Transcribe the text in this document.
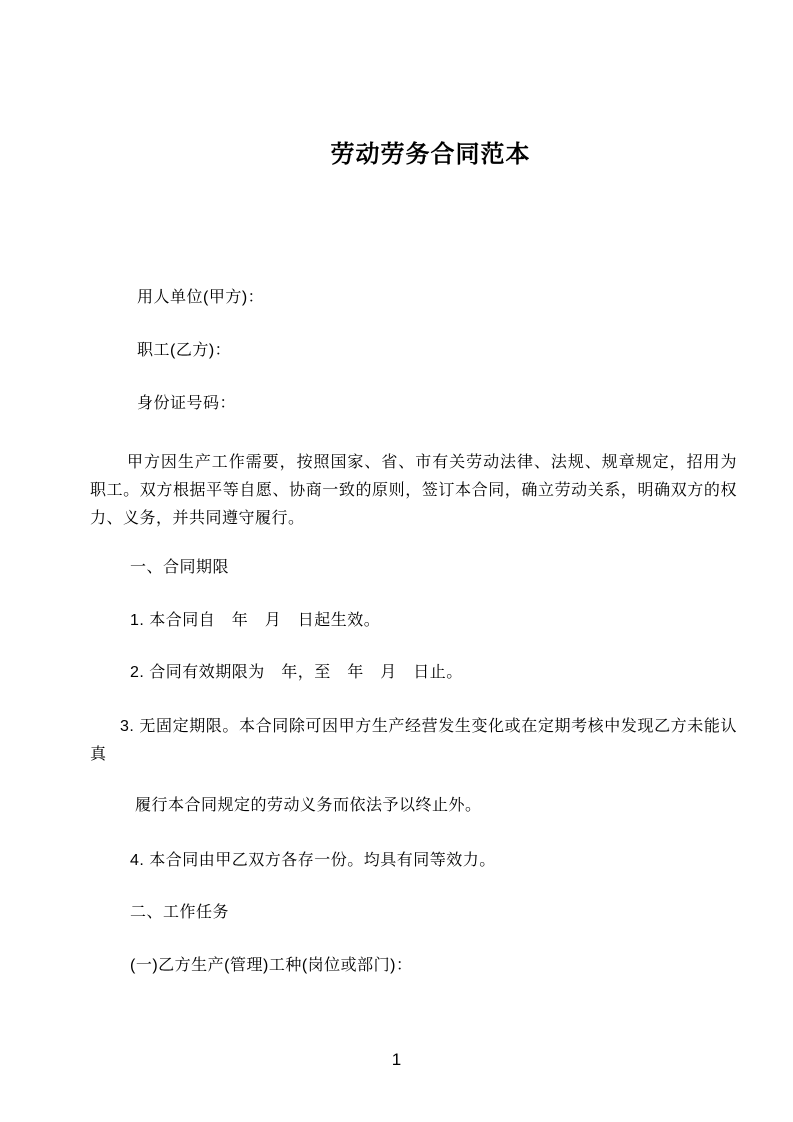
劳动劳务合同范本

用人单位(甲方)：

职工(乙方)：

身份证号码：

甲方因生产工作需要，按照国家、省、市有关劳动法律、法规、规章规定，招用为职工。双方根据平等自愿、协商一致的原则，签订本合同，确立劳动关系，明确双方的权力、义务，并共同遵守履行。

一、合同期限

1. 本合同自　年　月　日起生效。

2. 合同有效期限为　年，至　年　月　日止。

3. 无固定期限。本合同除可因甲方生产经营发生变化或在定期考核中发现乙方未能认真

履行本合同规定的劳动义务而依法予以终止外。

4. 本合同由甲乙双方各存一份。均具有同等效力。

二、工作任务

(一)乙方生产(管理)工种(岗位或部门)：

1
